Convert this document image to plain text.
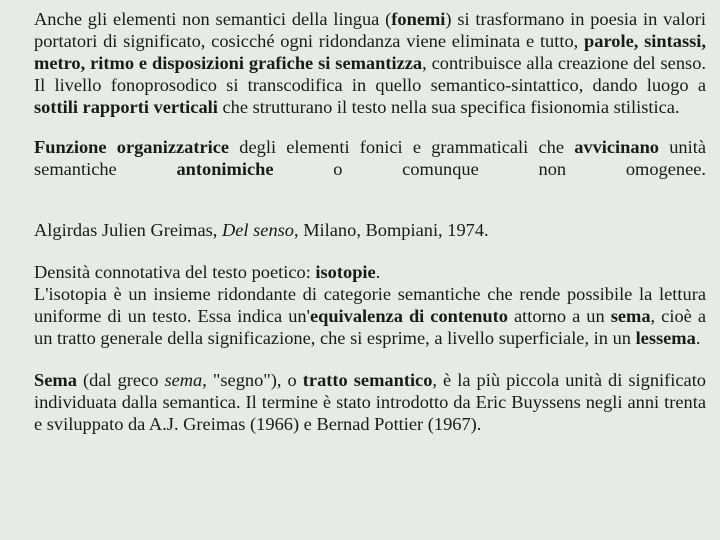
Anche gli elementi non semantici della lingua (fonemi) si trasformano in poesia in valori portatori di significato, cosicché ogni ridondanza viene eliminata e tutto, parole, sintassi, metro, ritmo e disposizioni grafiche si semantizza, contribuisce alla creazione del senso. Il livello fonoprosodico si transcodifica in quello semantico-sintattico, dando luogo a sottili rapporti verticali che strutturano il testo nella sua specifica fisionomia stilistica.

Funzione organizzatrice degli elementi fonici e grammaticali che avvicinano unità semantiche antonimiche o comunque non omogenee.

Algirdas Julien Greimas, Del senso, Milano, Bompiani, 1974.

Densità connotativa del testo poetico: isotopie.
L'isotopia è un insieme ridondante di categorie semantiche che rende possibile la lettura uniforme di un testo. Essa indica un'equivalenza di contenuto attorno a un sema, cioè a un tratto generale della significazione, che si esprime, a livello superficiale, in un lessema.

Sema (dal greco sema, "segno"), o tratto semantico, è la più piccola unità di significato individuata dalla semantica. Il termine è stato introdotto da Eric Buyssens negli anni trenta e sviluppato da A.J. Greimas (1966) e Bernad Pottier (1967).
